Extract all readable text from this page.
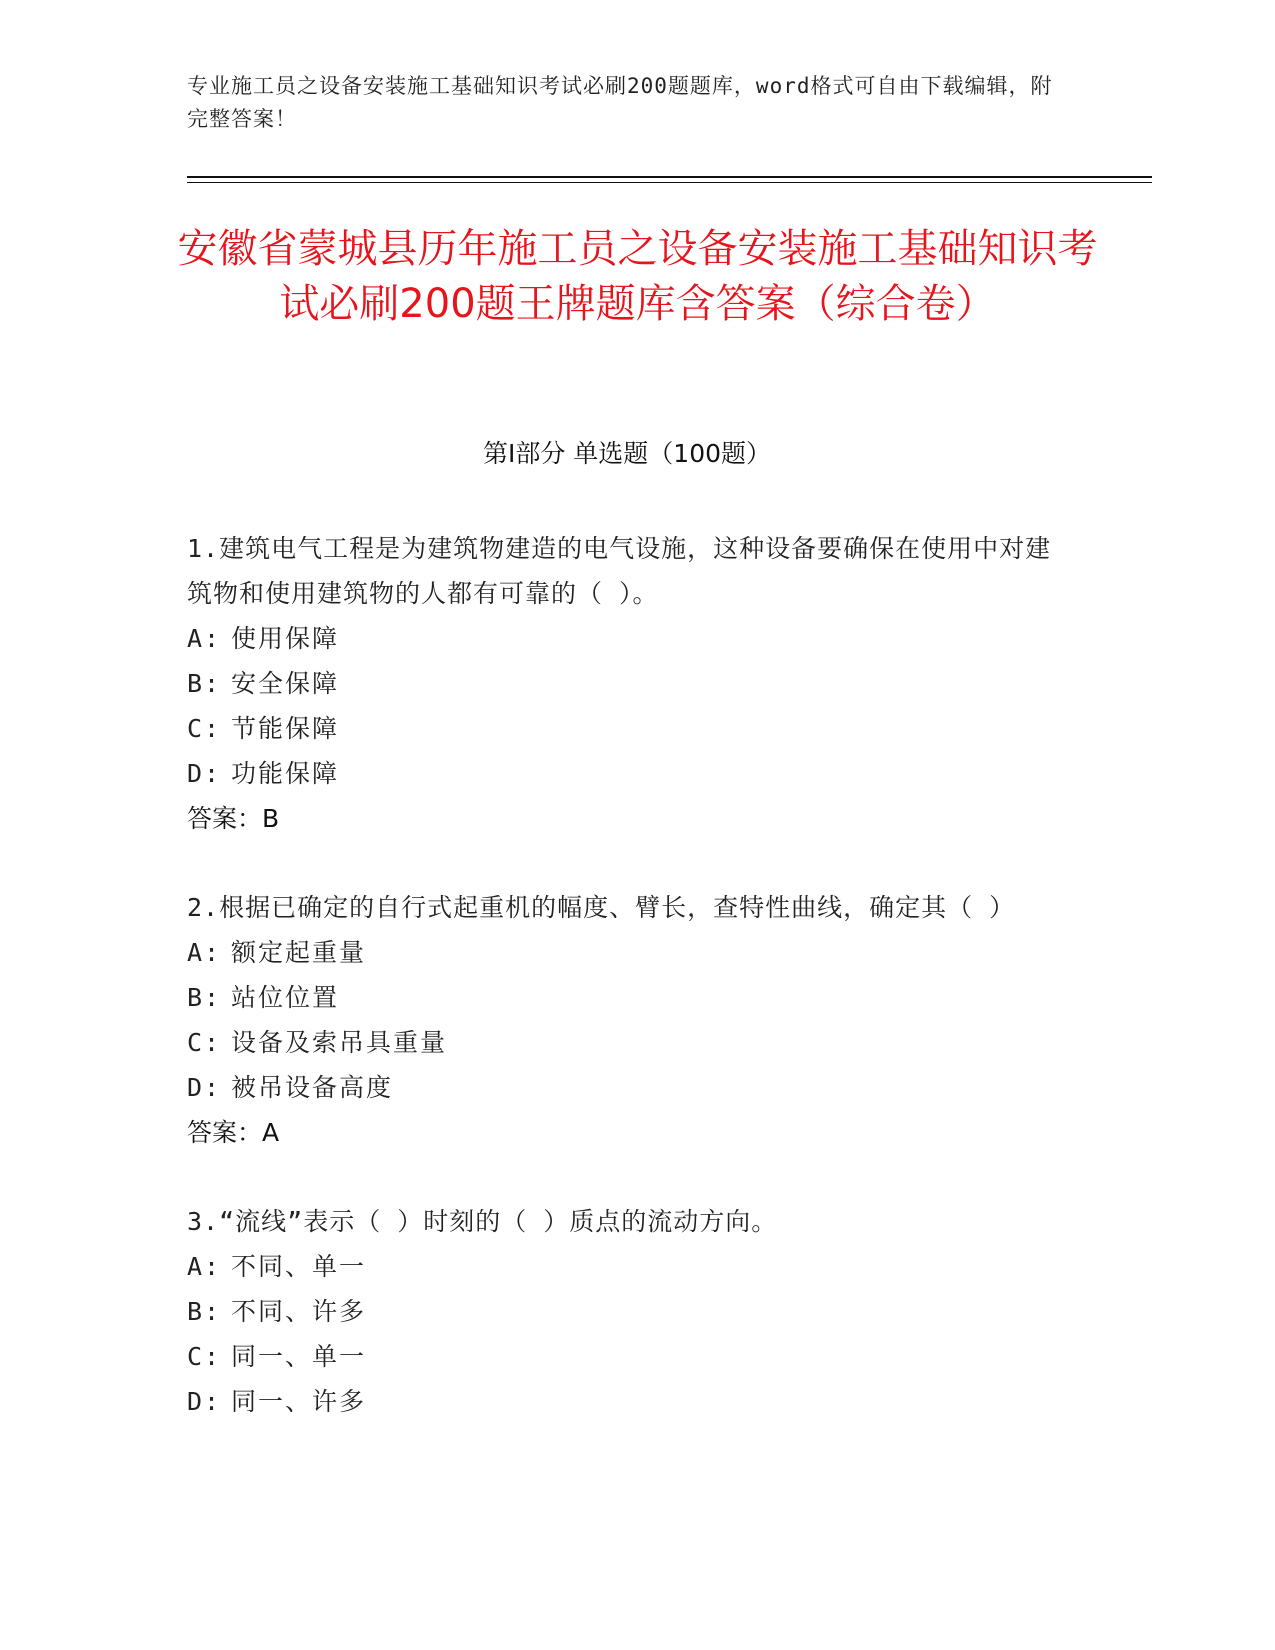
专业施工员之设备安装施工基础知识考试必刷200题题库，word格式可自由下载编辑，附完整答案！
安徽省蒙城县历年施工员之设备安装施工基础知识考试必刷200题王牌题库含答案（综合卷）
第I部分 单选题（100题）
1.建筑电气工程是为建筑物建造的电气设施，这种设备要确保在使用中对建筑物和使用建筑物的人都有可靠的（ ）。
A: 使用保障
B: 安全保障
C: 节能保障
D: 功能保障
答案：B
2.根据已确定的自行式起重机的幅度、臂长，查特性曲线，确定其（ ）
A: 额定起重量
B: 站位位置
C: 设备及索吊具重量
D: 被吊设备高度
答案：A
3.“流线”表示（ ）时刻的（ ）质点的流动方向。
A: 不同、单一
B: 不同、许多
C: 同一、单一
D: 同一、许多
